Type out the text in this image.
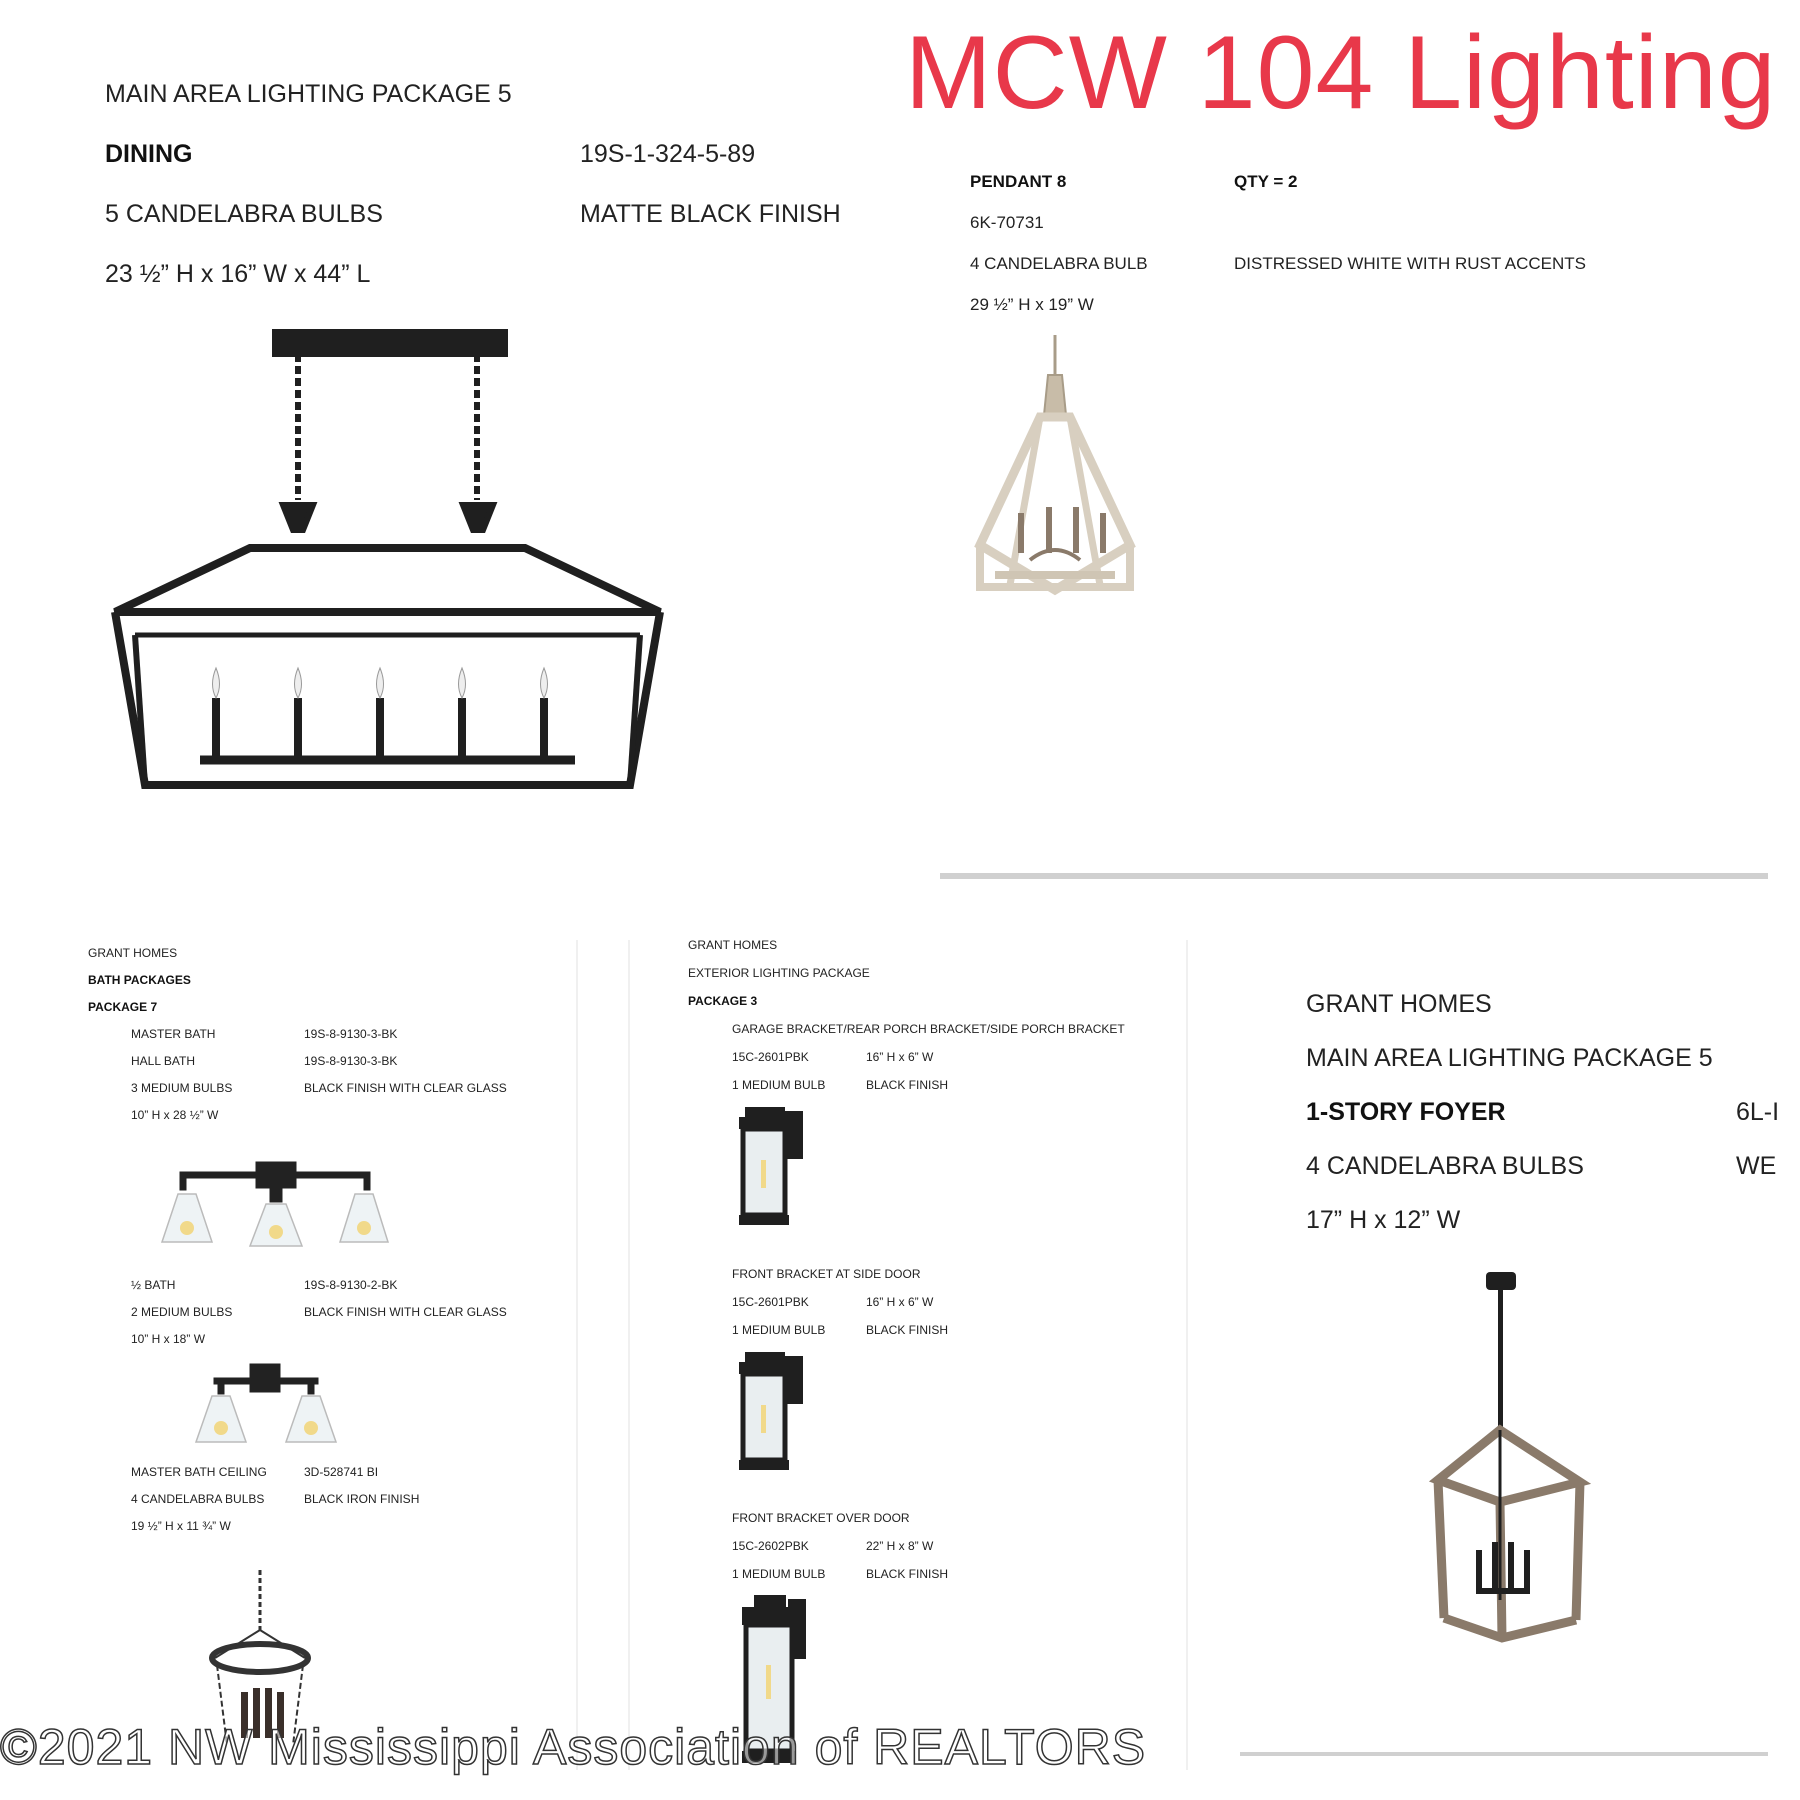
MCW 104 Lighting
MAIN AREA LIGHTING PACKAGE 5
DINING	19S-1-324-5-89
5 CANDELABRA BULBS	MATTE BLACK FINISH
23 ½” H x 16” W x 44” L
PENDANT 8	QTY = 2
6K-70731
4 CANDELABRA BULB	DISTRESSED WHITE WITH RUST ACCENTS
29 ½” H x 19” W
GRANT HOMES
BATH PACKAGES
PACKAGE 7
MASTER BATH	19S-8-9130-3-BK
HALL BATH	19S-8-9130-3-BK
3 MEDIUM BULBS	BLACK FINISH WITH CLEAR GLASS
10” H x 28 ½” W
½ BATH	19S-8-9130-2-BK
2 MEDIUM BULBS	BLACK FINISH WITH CLEAR GLASS
10” H x 18” W
MASTER BATH CEILING	3D-528741 BI
4 CANDELABRA BULBS	BLACK IRON FINISH
19 ½” H x 11 ¾” W
GRANT HOMES
EXTERIOR LIGHTING PACKAGE
PACKAGE 3
GARAGE BRACKET/REAR PORCH BRACKET/SIDE PORCH BRACKET
15C-2601PBK	16” H x 6” W
1 MEDIUM BULB	BLACK FINISH
FRONT BRACKET AT SIDE DOOR
15C-2601PBK	16” H x 6” W
1 MEDIUM BULB	BLACK FINISH
FRONT BRACKET OVER DOOR
15C-2602PBK	22” H x 8” W
1 MEDIUM BULB	BLACK FINISH
GRANT HOMES
MAIN AREA LIGHTING PACKAGE 5
1-STORY FOYER	6L-I
4 CANDELABRA BULBS	WE
17” H x 12” W
©2021 NW Mississippi Association of REALTORS
